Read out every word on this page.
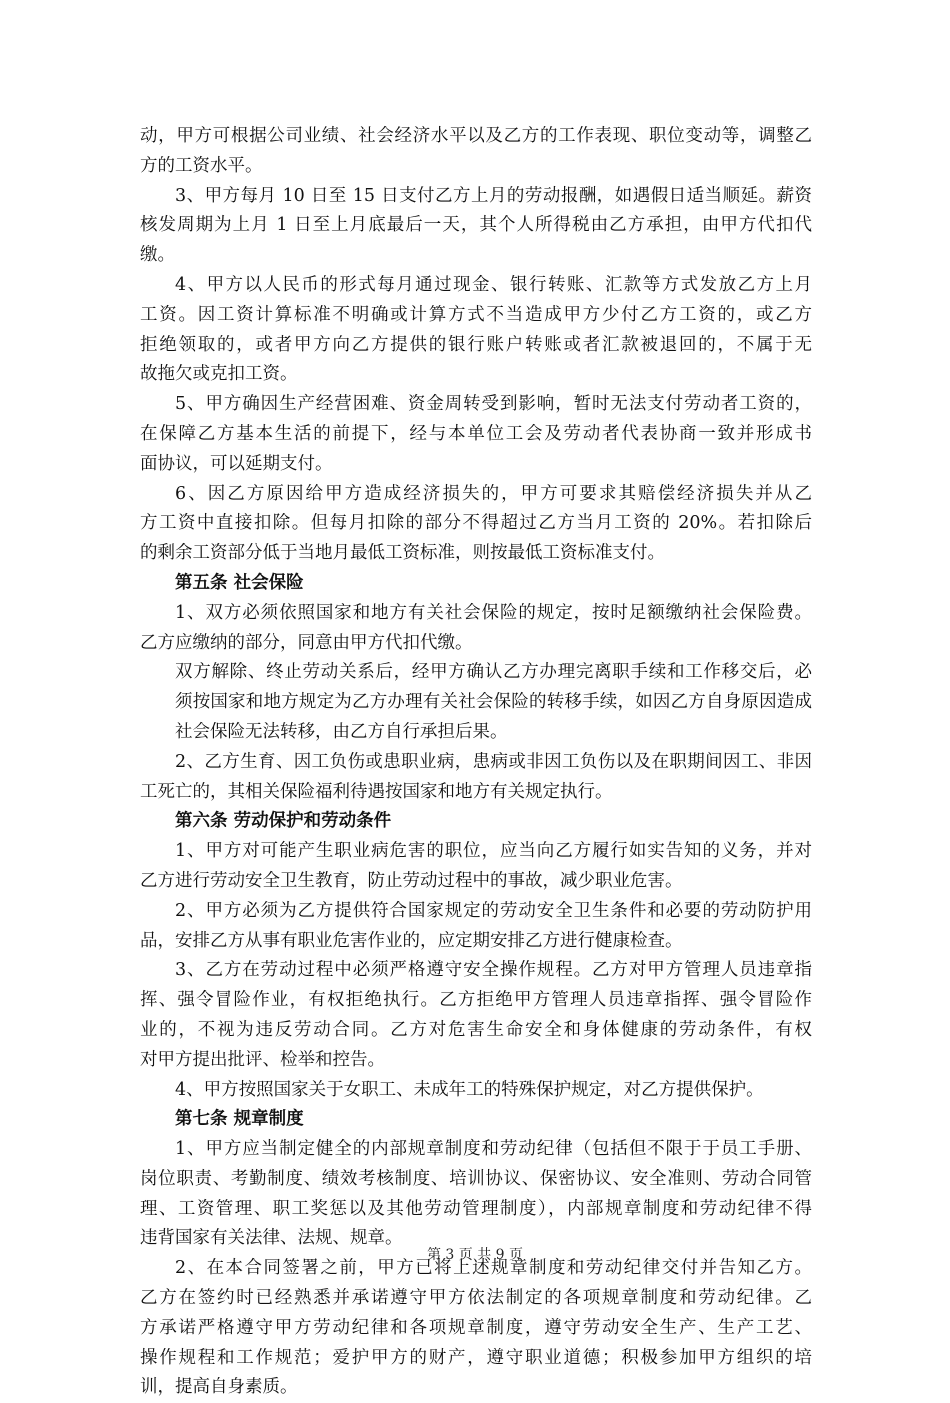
动，甲方可根据公司业绩、社会经济水平以及乙方的工作表现、职位变动等，调整乙
方的工资水平。
3、甲方每月 10 日至 15 日支付乙方上月的劳动报酬，如遇假日适当顺延。薪资
核发周期为上月 1 日至上月底最后一天，其个人所得税由乙方承担，由甲方代扣代
缴。
4、甲方以人民币的形式每月通过现金、银行转账、汇款等方式发放乙方上月
工资。因工资计算标准不明确或计算方式不当造成甲方少付乙方工资的，或乙方
拒绝领取的，或者甲方向乙方提供的银行账户转账或者汇款被退回的，不属于无
故拖欠或克扣工资。
5、甲方确因生产经营困难、资金周转受到影响，暂时无法支付劳动者工资的，
在保障乙方基本生活的前提下，经与本单位工会及劳动者代表协商一致并形成书
面协议，可以延期支付。
6、因乙方原因给甲方造成经济损失的，甲方可要求其赔偿经济损失并从乙
方工资中直接扣除。但每月扣除的部分不得超过乙方当月工资的 20%。若扣除后
的剩余工资部分低于当地月最低工资标准，则按最低工资标准支付。
第五条 社会保险
1、双方必须依照国家和地方有关社会保险的规定，按时足额缴纳社会保险费。
乙方应缴纳的部分，同意由甲方代扣代缴。
双方解除、终止劳动关系后，经甲方确认乙方办理完离职手续和工作移交后，必
须按国家和地方规定为乙方办理有关社会保险的转移手续，如因乙方自身原因造成
社会保险无法转移，由乙方自行承担后果。
2、乙方生育、因工负伤或患职业病，患病或非因工负伤以及在职期间因工、非因
工死亡的，其相关保险福利待遇按国家和地方有关规定执行。
第六条 劳动保护和劳动条件
1、甲方对可能产生职业病危害的职位，应当向乙方履行如实告知的义务，并对
乙方进行劳动安全卫生教育，防止劳动过程中的事故，减少职业危害。
2、甲方必须为乙方提供符合国家规定的劳动安全卫生条件和必要的劳动防护用
品，安排乙方从事有职业危害作业的，应定期安排乙方进行健康检查。
3、乙方在劳动过程中必须严格遵守安全操作规程。乙方对甲方管理人员违章指
挥、强令冒险作业，有权拒绝执行。乙方拒绝甲方管理人员违章指挥、强令冒险作
业的，不视为违反劳动合同。乙方对危害生命安全和身体健康的劳动条件，有权
对甲方提出批评、检举和控告。
4、甲方按照国家关于女职工、未成年工的特殊保护规定，对乙方提供保护。
第七条 规章制度
1、甲方应当制定健全的内部规章制度和劳动纪律（包括但不限于于员工手册、
岗位职责、考勤制度、绩效考核制度、培训协议、保密协议、安全准则、劳动合同管
理、工资管理、职工奖惩以及其他劳动管理制度），内部规章制度和劳动纪律不得
违背国家有关法律、法规、规章。
2、在本合同签署之前，甲方已将上述规章制度和劳动纪律交付并告知乙方。
乙方在签约时已经熟悉并承诺遵守甲方依法制定的各项规章制度和劳动纪律。乙
方承诺严格遵守甲方劳动纪律和各项规章制度，遵守劳动安全生产、生产工艺、
操作规程和工作规范；爱护甲方的财产，遵守职业道德；积极参加甲方组织的培
训，提高自身素质。
第 3 页 共 9 页
